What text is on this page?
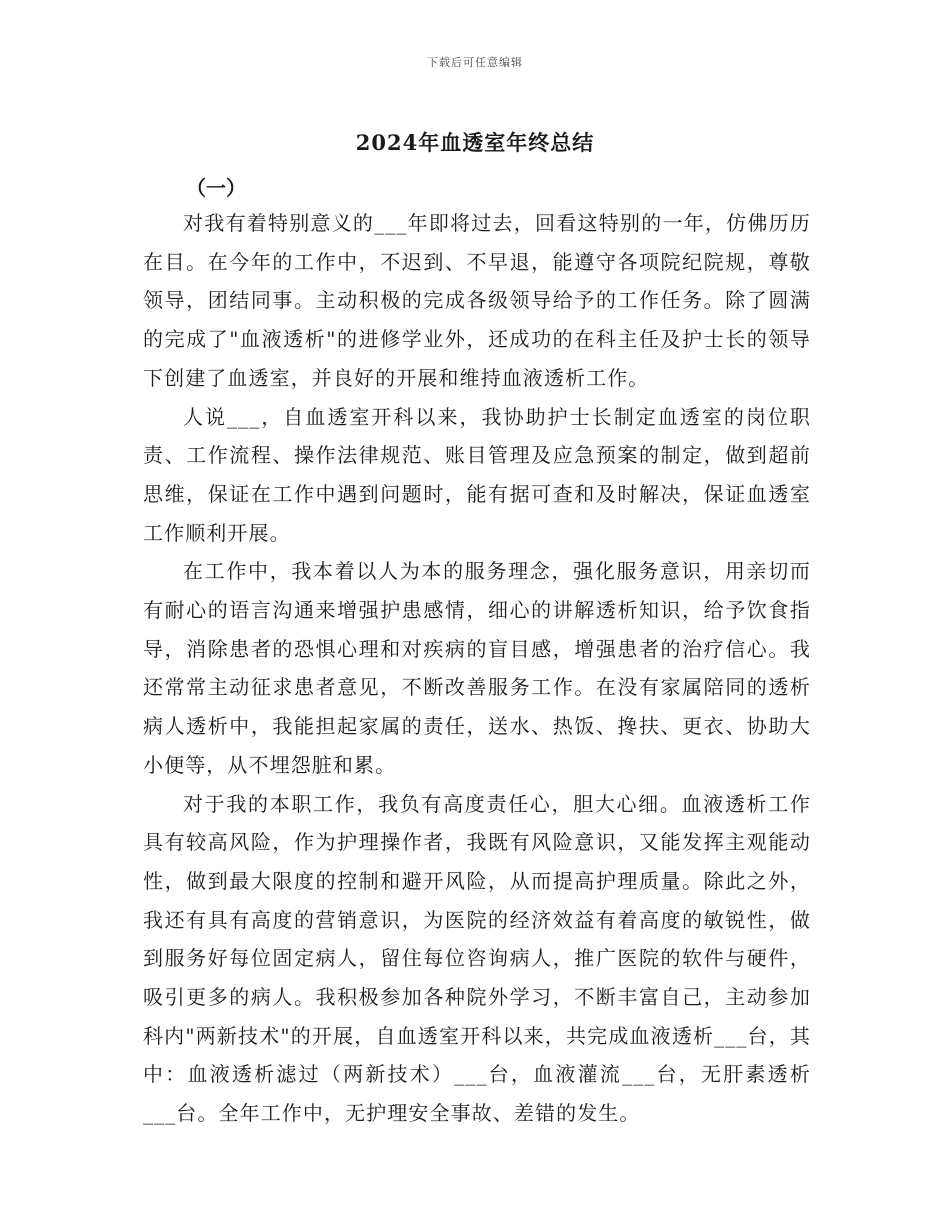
下载后可任意编辑
2024年血透室年终总结
（一）

对我有着特别意义的___年即将过去，回看这特别的一年，仿佛历历在目。在今年的工作中，不迟到、不早退，能遵守各项院纪院规，尊敬领导，团结同事。主动积极的完成各级领导给予的工作任务。除了圆满的完成了"血液透析"的进修学业外，还成功的在科主任及护士长的领导下创建了血透室，并良好的开展和维持血液透析工作。

人说___，自血透室开科以来，我协助护士长制定血透室的岗位职责、工作流程、操作法律规范、账目管理及应急预案的制定，做到超前思维，保证在工作中遇到问题时，能有据可查和及时解决，保证血透室工作顺利开展。

在工作中，我本着以人为本的服务理念，强化服务意识，用亲切而有耐心的语言沟通来增强护患感情，细心的讲解透析知识，给予饮食指导，消除患者的恐惧心理和对疾病的盲目感，增强患者的治疗信心。我还常常主动征求患者意见，不断改善服务工作。在没有家属陪同的透析病人透析中，我能担起家属的责任，送水、热饭、搀扶、更衣、协助大小便等，从不埋怨脏和累。

对于我的本职工作，我负有高度责任心，胆大心细。血液透析工作具有较高风险，作为护理操作者，我既有风险意识，又能发挥主观能动性，做到最大限度的控制和避开风险，从而提高护理质量。除此之外，我还有具有高度的营销意识，为医院的经济效益有着高度的敏锐性，做到服务好每位固定病人，留住每位咨询病人，推广医院的软件与硬件，吸引更多的病人。我积极参加各种院外学习，不断丰富自己，主动参加科内"两新技术"的开展，自血透室开科以来，共完成血液透析___台，其中：血液透析滤过（两新技术）___台，血液灌流___台，无肝素透析___台。全年工作中，无护理安全事故、差错的发生。
